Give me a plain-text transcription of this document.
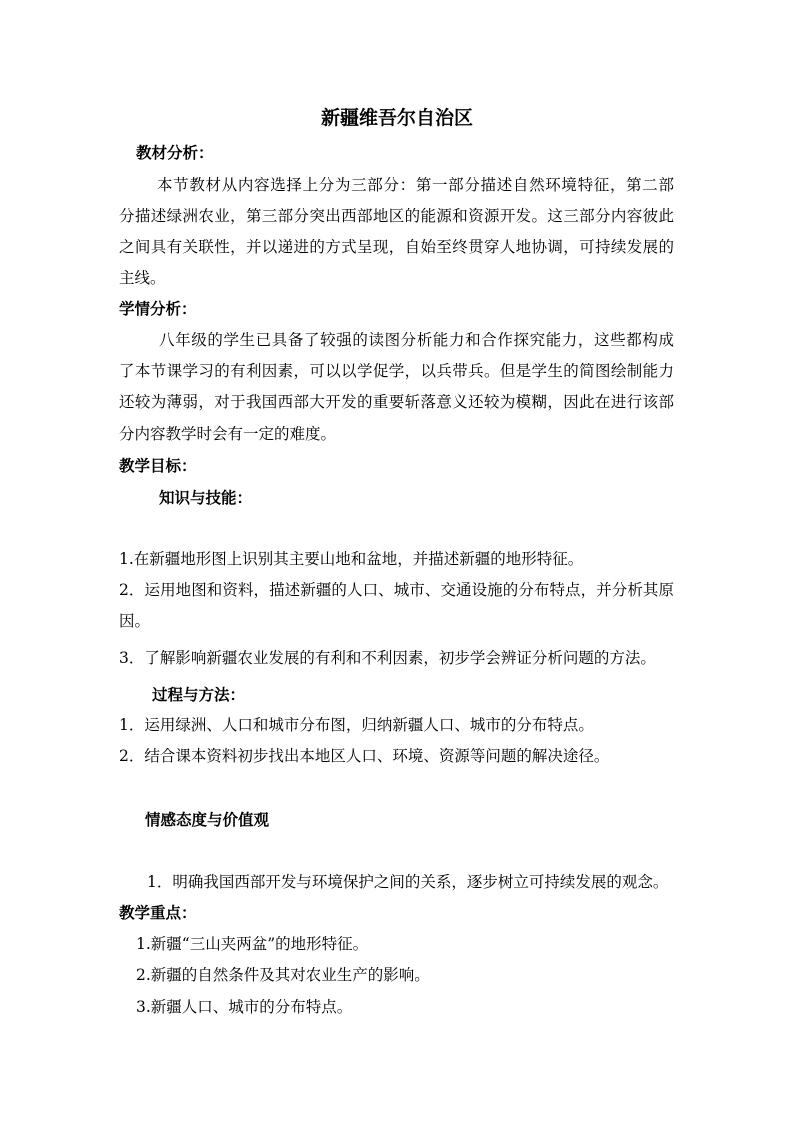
新疆维吾尔自治区
教材分析：
本节教材从内容选择上分为三部分：第一部分描述自然环境特征，第二部
分描述绿洲农业，第三部分突出西部地区的能源和资源开发。这三部分内容彼此
之间具有关联性，并以递进的方式呈现，自始至终贯穿人地协调，可持续发展的
主线。
学情分析：
八年级的学生已具备了较强的读图分析能力和合作探究能力，这些都构成
了本节课学习的有利因素，可以以学促学，以兵带兵。但是学生的简图绘制能力
还较为薄弱，对于我国西部大开发的重要斩落意义还较为模糊，因此在进行该部
分内容教学时会有一定的难度。
教学目标：
知识与技能：
1.在新疆地形图上识别其主要山地和盆地，并描述新疆的地形特征。
2．运用地图和资料，描述新疆的人口、城市、交通设施的分布特点，并分析其原
因。
3．了解影响新疆农业发展的有利和不利因素，初步学会辨证分析问题的方法。
过程与方法：
1．运用绿洲、人口和城市分布图，归纳新疆人口、城市的分布特点。
2．结合课本资料初步找出本地区人口、环境、资源等问题的解决途径。
情感态度与价值观
1．明确我国西部开发与环境保护之间的关系，逐步树立可持续发展的观念。
教学重点：
1.新疆“三山夹两盆”的地形特征。
2.新疆的自然条件及其对农业生产的影响。
3.新疆人口、城市的分布特点。
